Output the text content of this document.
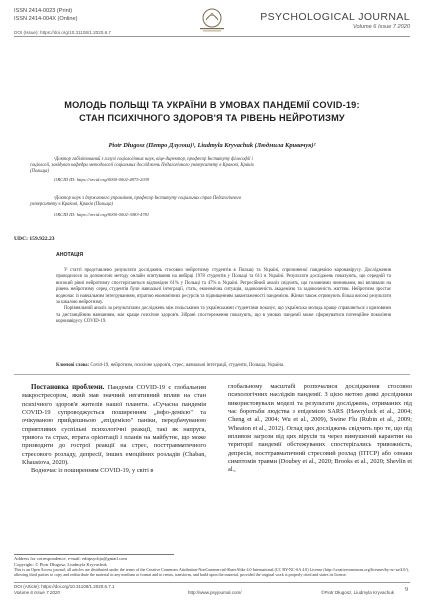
ISSN 2414-0023 (Print)
ISSN 2414-004X (Online)	PSYCHOLOGICAL JOURNAL
Volume 6 Issue 7 2020
DOI (Issue): https://doi.org/10.31108/1.2020.6.7
МОЛОДЬ ПОЛЬЩІ ТА УКРАЇНИ В УМОВАХ ПАНДЕМІЇ COVID-19:
СТАН ПСИХІЧНОГО ЗДОРОВ'Я ТА РІВЕНЬ НЕЙРОТИЗМУ
Piotr Długosz (Петро Длугош)¹, Liudmyla Kryvachuk (Людмила Кривачук)²
¹Доктор габілітований з галузі соціологічних наук, віце-директор, професор Інституту філософії і
соціології, завідувач кафедри методології соціальних досліджень Педагогічного університету в Кракові, Краків
(Польща)
ORCID ID: https://orcid.org/0000-0002-4875-2039
²Доктор наук з державного управління, професор Інституту соціальних справ Педагогічного
університету в Кракові, Краків (Польща)
ORCID ID: https://orcid.org/0000-0002-3083-4781
UDC: 159.922.23
АНОТАЦІЯ

У статті представлено результати досліджень стосовно нейротизму студентів в Польщі та Україні, спричиненої пандемією коронавірусу. Дослідження проводилося за допомогою методу онлайн опитування на вибірці 1978 студентів у Польщі та 611 в Україні. Результати досліджень показують, що середній та високий рівні нейротизму спостерігаються відповідно 61% у Польщі та 47% в Україні. Регресійний аналіз свідчить, що головними чинниками, які впливали на рівень нейротизму серед студентів були навчальні інтеграції, стать, економічна ситуація, задоволеність академією та задоволеність життям. Нейротизм зростає водночас із навчальним інтегруванням, втратою економічних ресурсів та підвищенням завантаженості пандемією. Жінки також отримують більш високі результати за шкалою нейротизму.

Порівняльний аналіз за результатами досліджень між польськими та українськими студентами показує, що українська молодь краще справляється з кризовими та дистанційним навчанням, має краще психічне здоров'я. Зібрані спостереження показують, що в умовах пандемії може сформуватися потенційне покоління коронавірусу COVID-19.

Ключові слова: Covid-19, нейротизм, психічне здоров'я, стрес, навчальні інтеграції, студенти, Польща, Україна.

Постановка проблеми. Пандемія COVID-19 є глобальним макростресором, який мав значний негативний вплив на стан психічного здоров'я жителів нашої планети. «Сучасна пандемія COVID-19 супроводжується поширенням „інфо-демією" та очікуваною прийдешньою „епідемією" паніки, передбачуваною сприятливих суспільні психологічні реакції, такі як напруга, тривога та страх, втрата орієнтації і планів на майбутнє, що може призводити до гострої реакції на стрес, посттравматичного стресового розладу, депресії, інших емоційних розладів (Chaban, Khaustova, 2020).

Водночас із поширенням COVID-19, у світі в

глобальному масштабі розпочалися дослідження стосовно психологічних наслідків пандемії. З цією метою деякі дослідники використовували моделі та результати досліджень, отриманих під час боротьби людства з епідемією SARS (Hawryluck et al., 2004; Cheng et al., 2004; Wu et al., 2009), Swine Flu (Rubin et al., 2009; Wheaton et al., 2012). Оглад цих досліджень свідчить про те, що під впливом загрози від цих вірусів та через вимушений карантин на території пандемії обстежуваних спостерігались тривожність, депресія, посттравматичний стресовий розлад (ПТСР) або ознаки симптомів травми (Doubey et al., 2020; Brooks et al., 2020; Shevlin et al.,

Address for correspondence, e-mail: editpsychjo@gmail.com
Copyright: © Piotr Długosz, Liudmyla Kryvachuk
This is an Open Access journal, all articles are distributed under the terms of the Creative Commons Attribution-NonCommercial-ShareAlike 4.0 International (CC BY-NC-SA 4.0) License (http://creativecommons.org/licenses/by-nc-sa/4.0/), allowing third parties to copy and redistribute the material in any medium or format and to remix, transform, and build upon the material, provided the original work is properly cited and states its license.
DOI (Article): https://doi.org/10.31108/1.2020.6.7.1
Volume 6 Issue 7 2020	http://www.psyjournal.com/	©Piotr Długosz, Liudmyla Kryvachuk 9
